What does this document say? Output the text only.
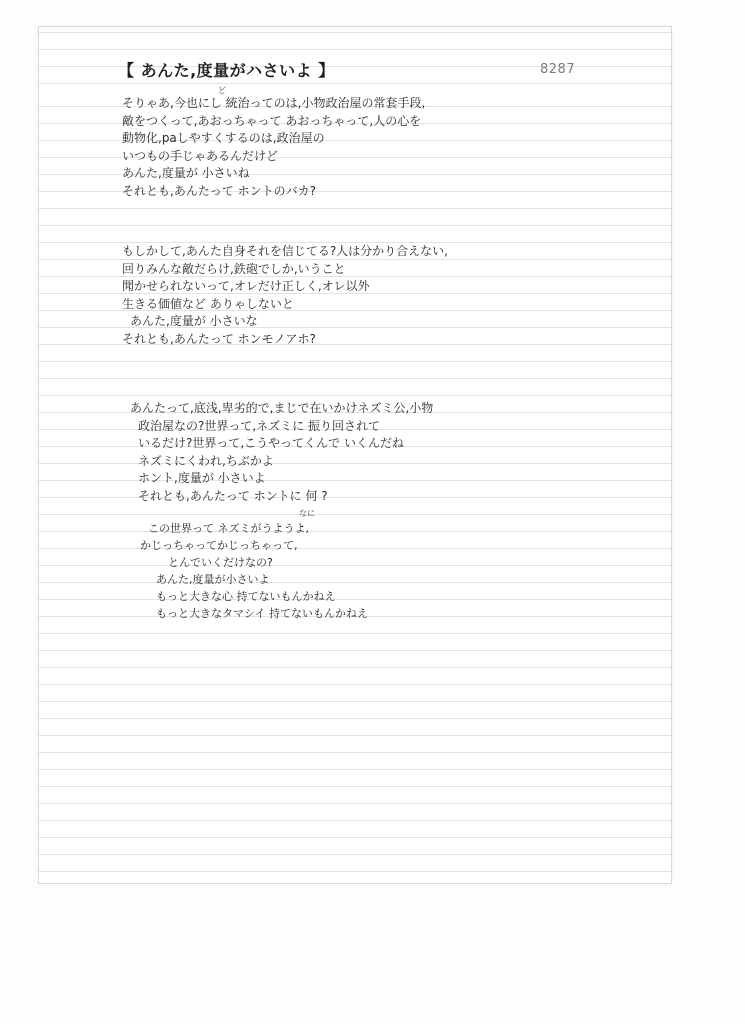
【 あんた,度量がハさいよ 】
ど
8287
そりゃあ,今也にし 統治ってのは,小物政治屋の常套手段,
敵をつくって,あおっちゃって あおっちゃって,人の心を
動物化,paしやすくするのは,政治屋の
いつもの手じゃあるんだけど
あんた,度量が 小さいね
それとも,あんたって ホントのバカ?
もしかして,あんた自身それを信じてる?人は分かり合えない,
回りみんな敵だらけ,鉄砲でしか,いうこと
聞かせられないって,オレだけ正しく,オレ以外
生きる価値など ありゃしないと
あんた,度量が 小さいな
それとも,あんたって ホンモノアホ?
あんたって,底浅,卑劣的で,まじで在いかけネズミ公,小物
政治屋なの?世界って,ネズミに 振り回されて
いるだけ?世界って,こうやってくんで いくんだね
ネズミにくわれ,ちぶかよ
ホント,度量が 小さいよ
それとも,あんたって ホントに 何 ?
なに
この世界って ネズミがうようよ,
かじっちゃってかじっちゃって,
とんでいくだけなの?
あんた,度量が小さいよ
もっと大きな心 持てないもんかねえ
もっと大きなタマシイ 持てないもんかねえ
